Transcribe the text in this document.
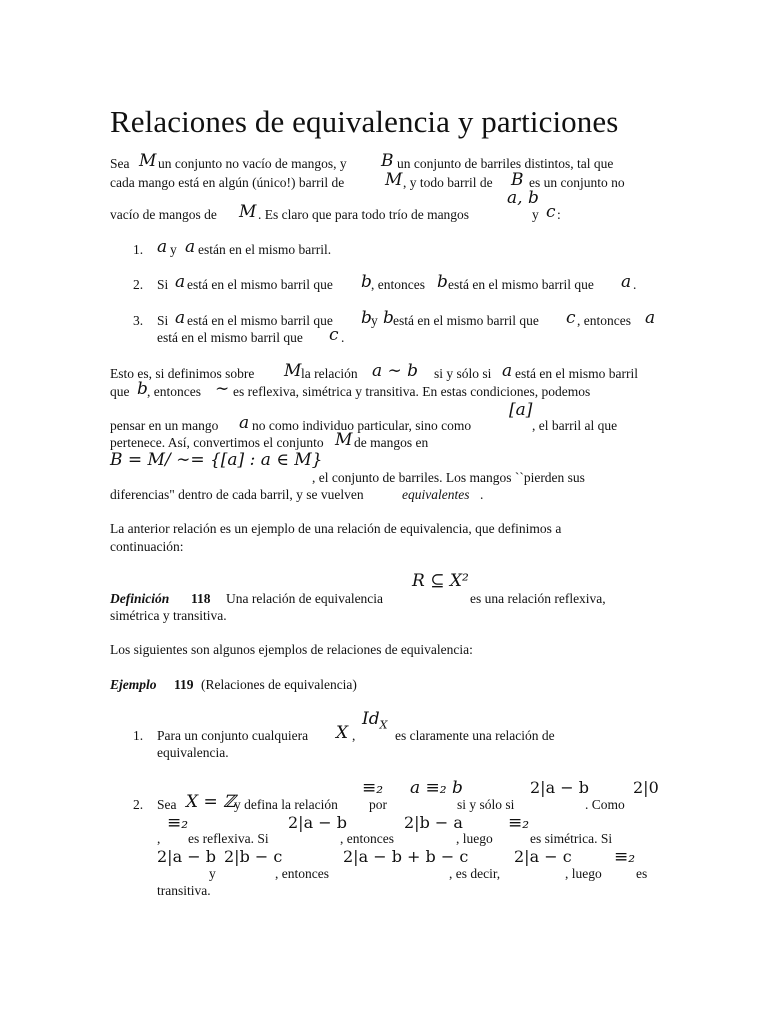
Relaciones de equivalencia y particiones
Sea M un conjunto no vacío de mangos, y B un conjunto de barriles distintos, tal que
cada mango está en algún (único!) barril de M , y todo barril de B es un conjunto no
a, b
vacío de mangos de M . Es claro que para todo trío de mangos	y c :
1. a y a están en el mismo barril.
2. Si a está en el mismo barril que b , entonces b está en el mismo barril que a .
3. Si a está en el mismo barril que b y b está en el mismo barril que c , entonces a
está en el mismo barril que c .
Esto es, si definimos sobre M la relación a ∼ b si y sólo si a está en el mismo barril
que b , entonces ∼ es reflexiva, simétrica y transitiva. En estas condiciones, podemos
[a]
pensar en un mango a no como individuo particular, sino como	, el barril al que
pertenece. Así, convertimos el conjunto M de mangos en
B = M/ ∼= {[a] : a ∈ M}
, el conjunto de barriles. Los mangos ``pierden sus
diferencias" dentro de cada barril, y se vuelven	equivalentes .
La anterior relación es un ejemplo de una relación de equivalencia, que definimos a
continuación:
R ⊆ X²
Definición 118 Una relación de equivalencia	es una relación reflexiva,
simétrica y transitiva.
Los siguientes son algunos ejemplos de relaciones de equivalencia:
Ejemplo 119 (Relaciones de equivalencia)
$Id_X$
1. Para un conjunto cualquiera X ,	es claramente una relación de
equivalencia.
≡₂ a ≡₂ b	2|a − b	2|0
2. Sea X = ℤ
y defina la relación por	si y sólo si	. Como
≡₂	2|a − b	2|b − a	≡₂
, es reflexiva. Si	, entonces	, luego	es simétrica. Si
2|a − b 2|b − c	2|a − b + b − c	2|a − c ≡₂
y	, entonces	, es decir,	, luego	es
transitiva.
